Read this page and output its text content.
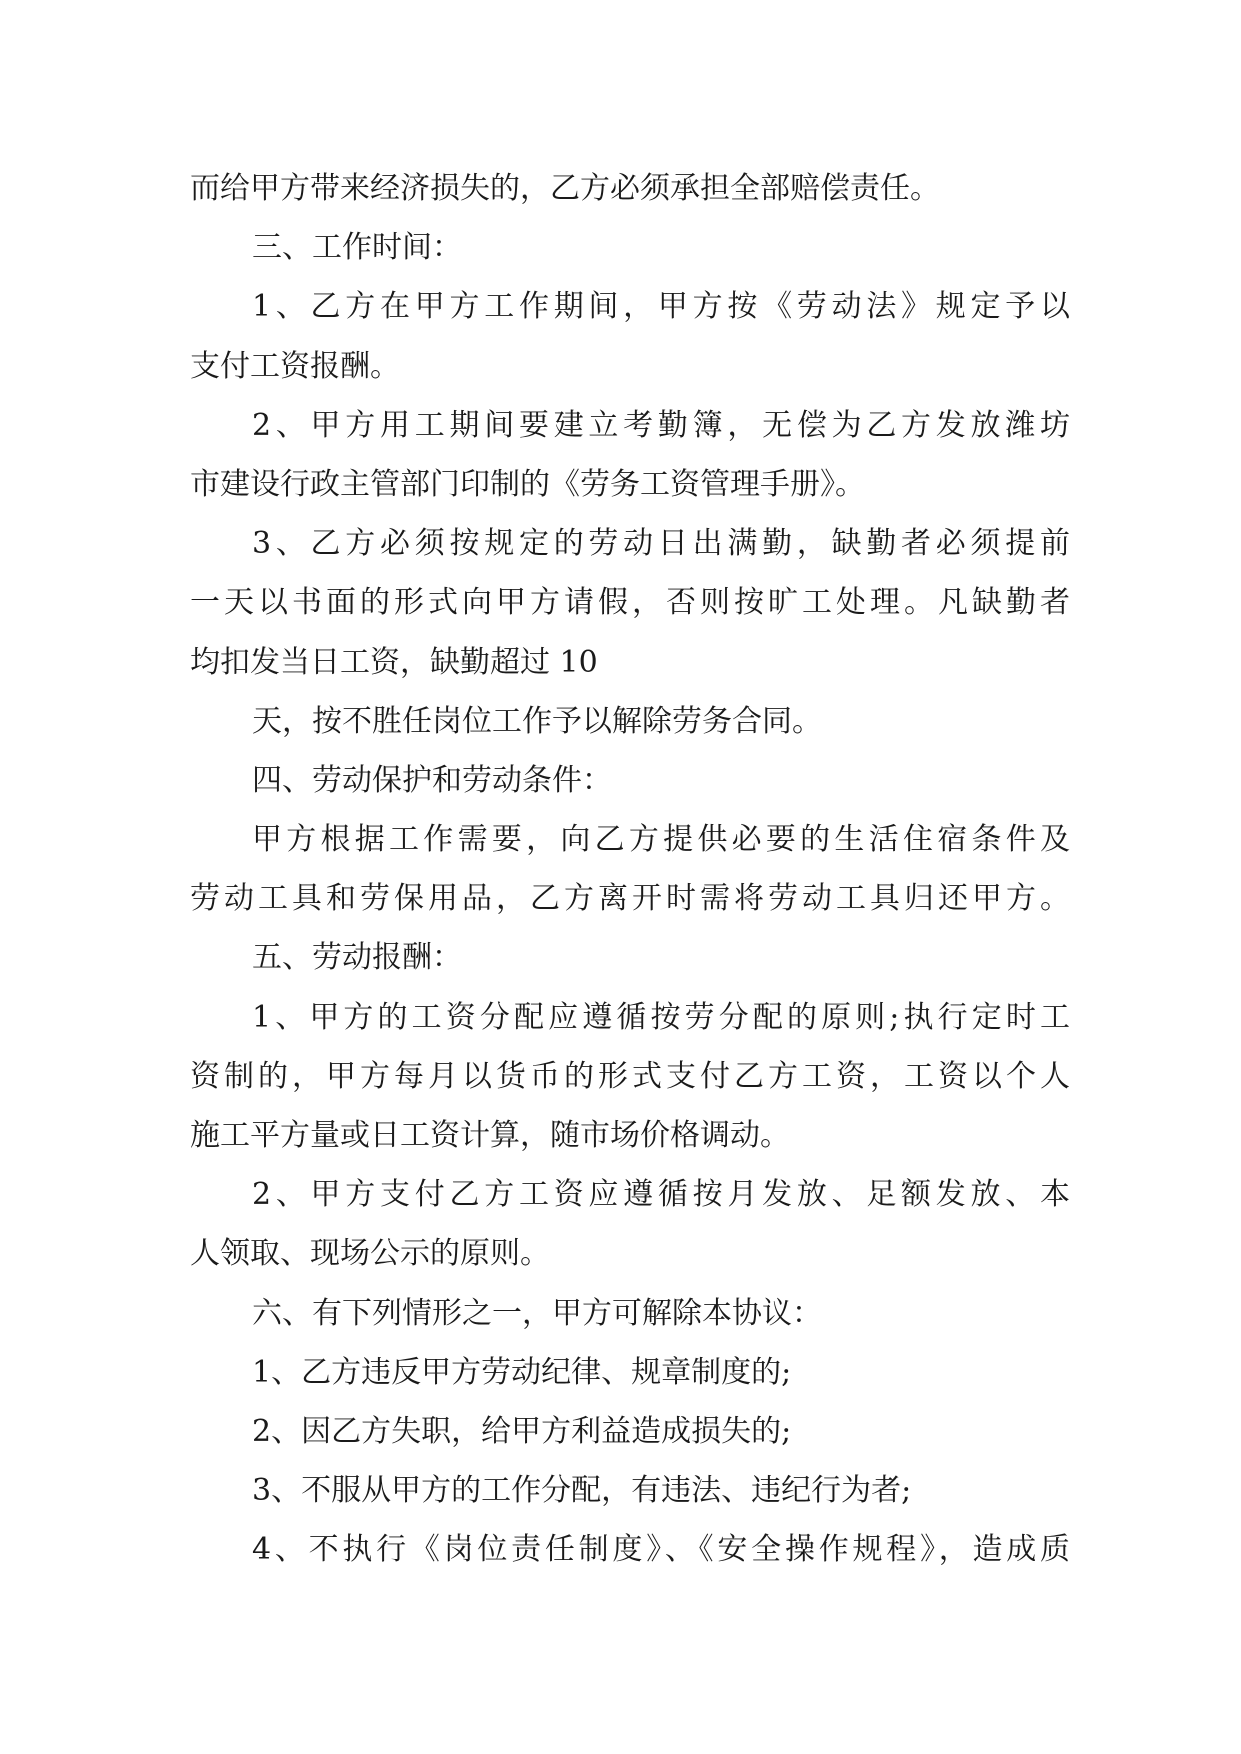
而给甲方带来经济损失的，乙方必须承担全部赔偿责任。
三、工作时间：
1、乙方在甲方工作期间，甲方按《劳动法》规定予以
支付工资报酬。
2、甲方用工期间要建立考勤簿，无偿为乙方发放潍坊
市建设行政主管部门印制的《劳务工资管理手册》。
3、乙方必须按规定的劳动日出满勤，缺勤者必须提前
一天以书面的形式向甲方请假，否则按旷工处理。凡缺勤者
均扣发当日工资，缺勤超过 10
天，按不胜任岗位工作予以解除劳务合同。
四、劳动保护和劳动条件：
甲方根据工作需要，向乙方提供必要的生活住宿条件及
劳动工具和劳保用品，乙方离开时需将劳动工具归还甲方。
五、劳动报酬：
1、甲方的工资分配应遵循按劳分配的原则;执行定时工
资制的，甲方每月以货币的形式支付乙方工资，工资以个人
施工平方量或日工资计算，随市场价格调动。
2、甲方支付乙方工资应遵循按月发放、足额发放、本
人领取、现场公示的原则。
六、有下列情形之一，甲方可解除本协议：
1、乙方违反甲方劳动纪律、规章制度的;
2、因乙方失职，给甲方利益造成损失的;
3、不服从甲方的工作分配，有违法、违纪行为者;
4、不执行《岗位责任制度》、《安全操作规程》，造成质
